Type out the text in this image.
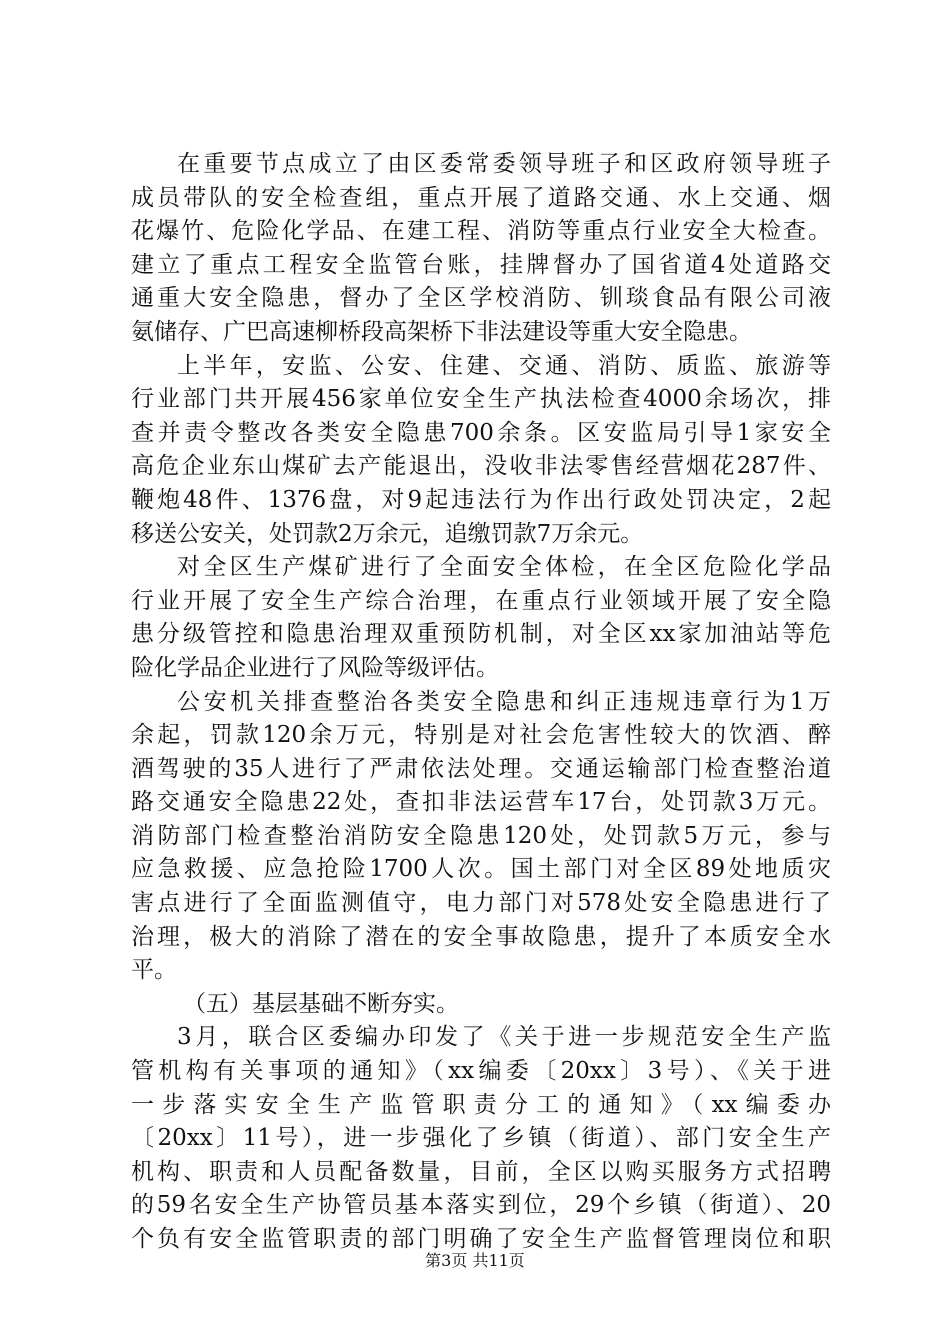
在重要节点成立了由区委常委领导班子和区政府领导班子
成员带队的安全检查组，重点开展了道路交通、水上交通、烟
花爆竹、危险化学品、在建工程、消防等重点行业安全大检查。
建立了重点工程安全监管台账，挂牌督办了国省道4处道路交
通重大安全隐患，督办了全区学校消防、钏琰食品有限公司液
氨储存、广巴高速柳桥段高架桥下非法建设等重大安全隐患。
上半年，安监、公安、住建、交通、消防、质监、旅游等
行业部门共开展456家单位安全生产执法检查4000余场次，排
查并责令整改各类安全隐患700余条。区安监局引导1家安全
高危企业东山煤矿去产能退出，没收非法零售经营烟花287件、
鞭炮48件、1376盘，对9起违法行为作出行政处罚决定，2起
移送公安关，处罚款2万余元，追缴罚款7万余元。
对全区生产煤矿进行了全面安全体检，在全区危险化学品
行业开展了安全生产综合治理，在重点行业领域开展了安全隐
患分级管控和隐患治理双重预防机制，对全区xx家加油站等危
险化学品企业进行了风险等级评估。
公安机关排查整治各类安全隐患和纠正违规违章行为1万
余起，罚款120余万元，特别是对社会危害性较大的饮酒、醉
酒驾驶的35人进行了严肃依法处理。交通运输部门检查整治道
路交通安全隐患22处，查扣非法运营车17台，处罚款3万元。
消防部门检查整治消防安全隐患120处，处罚款5万元，参与
应急救援、应急抢险1700人次。国土部门对全区89处地质灾
害点进行了全面监测值守，电力部门对578处安全隐患进行了
治理，极大的消除了潜在的安全事故隐患，提升了本质安全水
平。
（五）基层基础不断夯实。
3月，联合区委编办印发了《关于进一步规范安全生产监
管机构有关事项的通知》（xx编委〔20xx〕3号）、《关于进
一步落实安全生产监管职责分工的通知》（xx编委办
〔20xx〕11号），进一步强化了乡镇（街道）、部门安全生产
机构、职责和人员配备数量，目前，全区以购买服务方式招聘
的59名安全生产协管员基本落实到位，29个乡镇（街道）、20
个负有安全监管职责的部门明确了安全生产监督管理岗位和职
第3页 共11页
